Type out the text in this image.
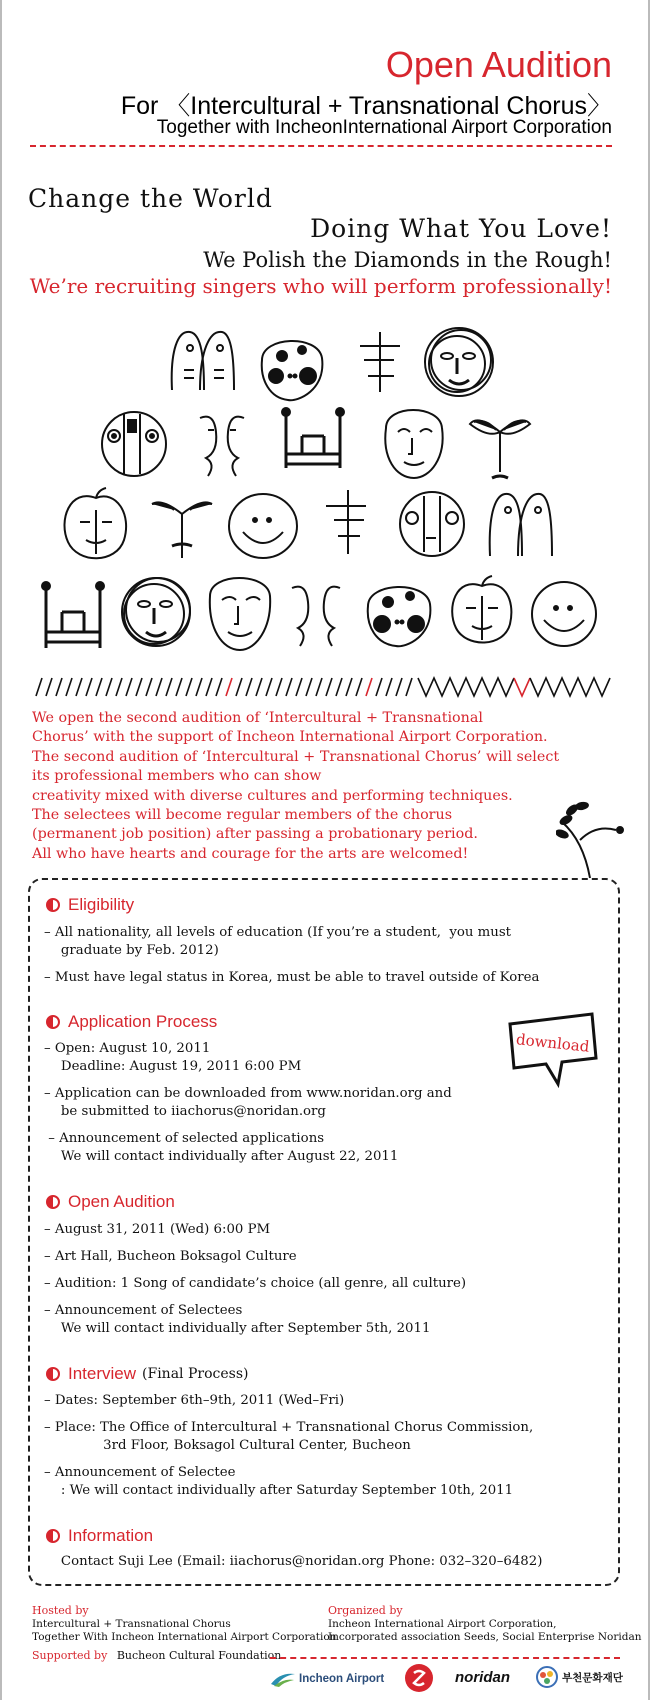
Open Audition
For 〈Intercultural + Transnational Chorus〉
Together with IncheonInternational Airport Corporation
Change the World
Doing What You Love!
We Polish the Diamonds in the Rough!
We’re recruiting singers who will perform professionally!
We open the second audition of ‘Intercultural + Transnational
Chorus’ with the support of Incheon International Airport Corporation.
The second audition of ‘Intercultural + Transnational Chorus’ will select
its professional members who can show
creativity mixed with diverse cultures and performing techniques.
The selectees will become regular members of the chorus
(permanent job position) after passing a probationary period.
All who have hearts and courage for the arts are welcomed!
Eligibility
– All nationality, all levels of education (If you’re a student,  you must
graduate by Feb. 2012)
– Must have legal status in Korea, must be able to travel outside of Korea
Application Process
– Open: August 10, 2011
Deadline: August 19, 2011 6:00 PM
– Application can be downloaded from www.noridan.org and
be submitted to iiachorus@noridan.org
– Announcement of selected applications
We will contact individually after August 22, 2011
download
Open Audition
– August 31, 2011 (Wed) 6:00 PM
– Art Hall, Bucheon Boksagol Culture
– Audition: 1 Song of candidate’s choice (all genre, all culture)
– Announcement of Selectees
We will contact individually after September 5th, 2011
Interview (Final Process)
– Dates: September 6th–9th, 2011 (Wed–Fri)
– Place: The Office of Intercultural + Transnational Chorus Commission,
3rd Floor, Boksagol Cultural Center, Bucheon
– Announcement of Selectee
: We will contact individually after Saturday September 10th, 2011
Information
Contact Suji Lee (Email: iiachorus@noridan.org Phone: 032–320–6482)
Hosted by
Intercultural + Transnational Chorus
Together With Incheon International Airport Corporation
Organized by
Incheon International Airport Corporation,
Incorporated association Seeds, Social Enterprise Noridan
Supported by Bucheon Cultural Foundation
Incheon Airport	noridan	부천문화재단
